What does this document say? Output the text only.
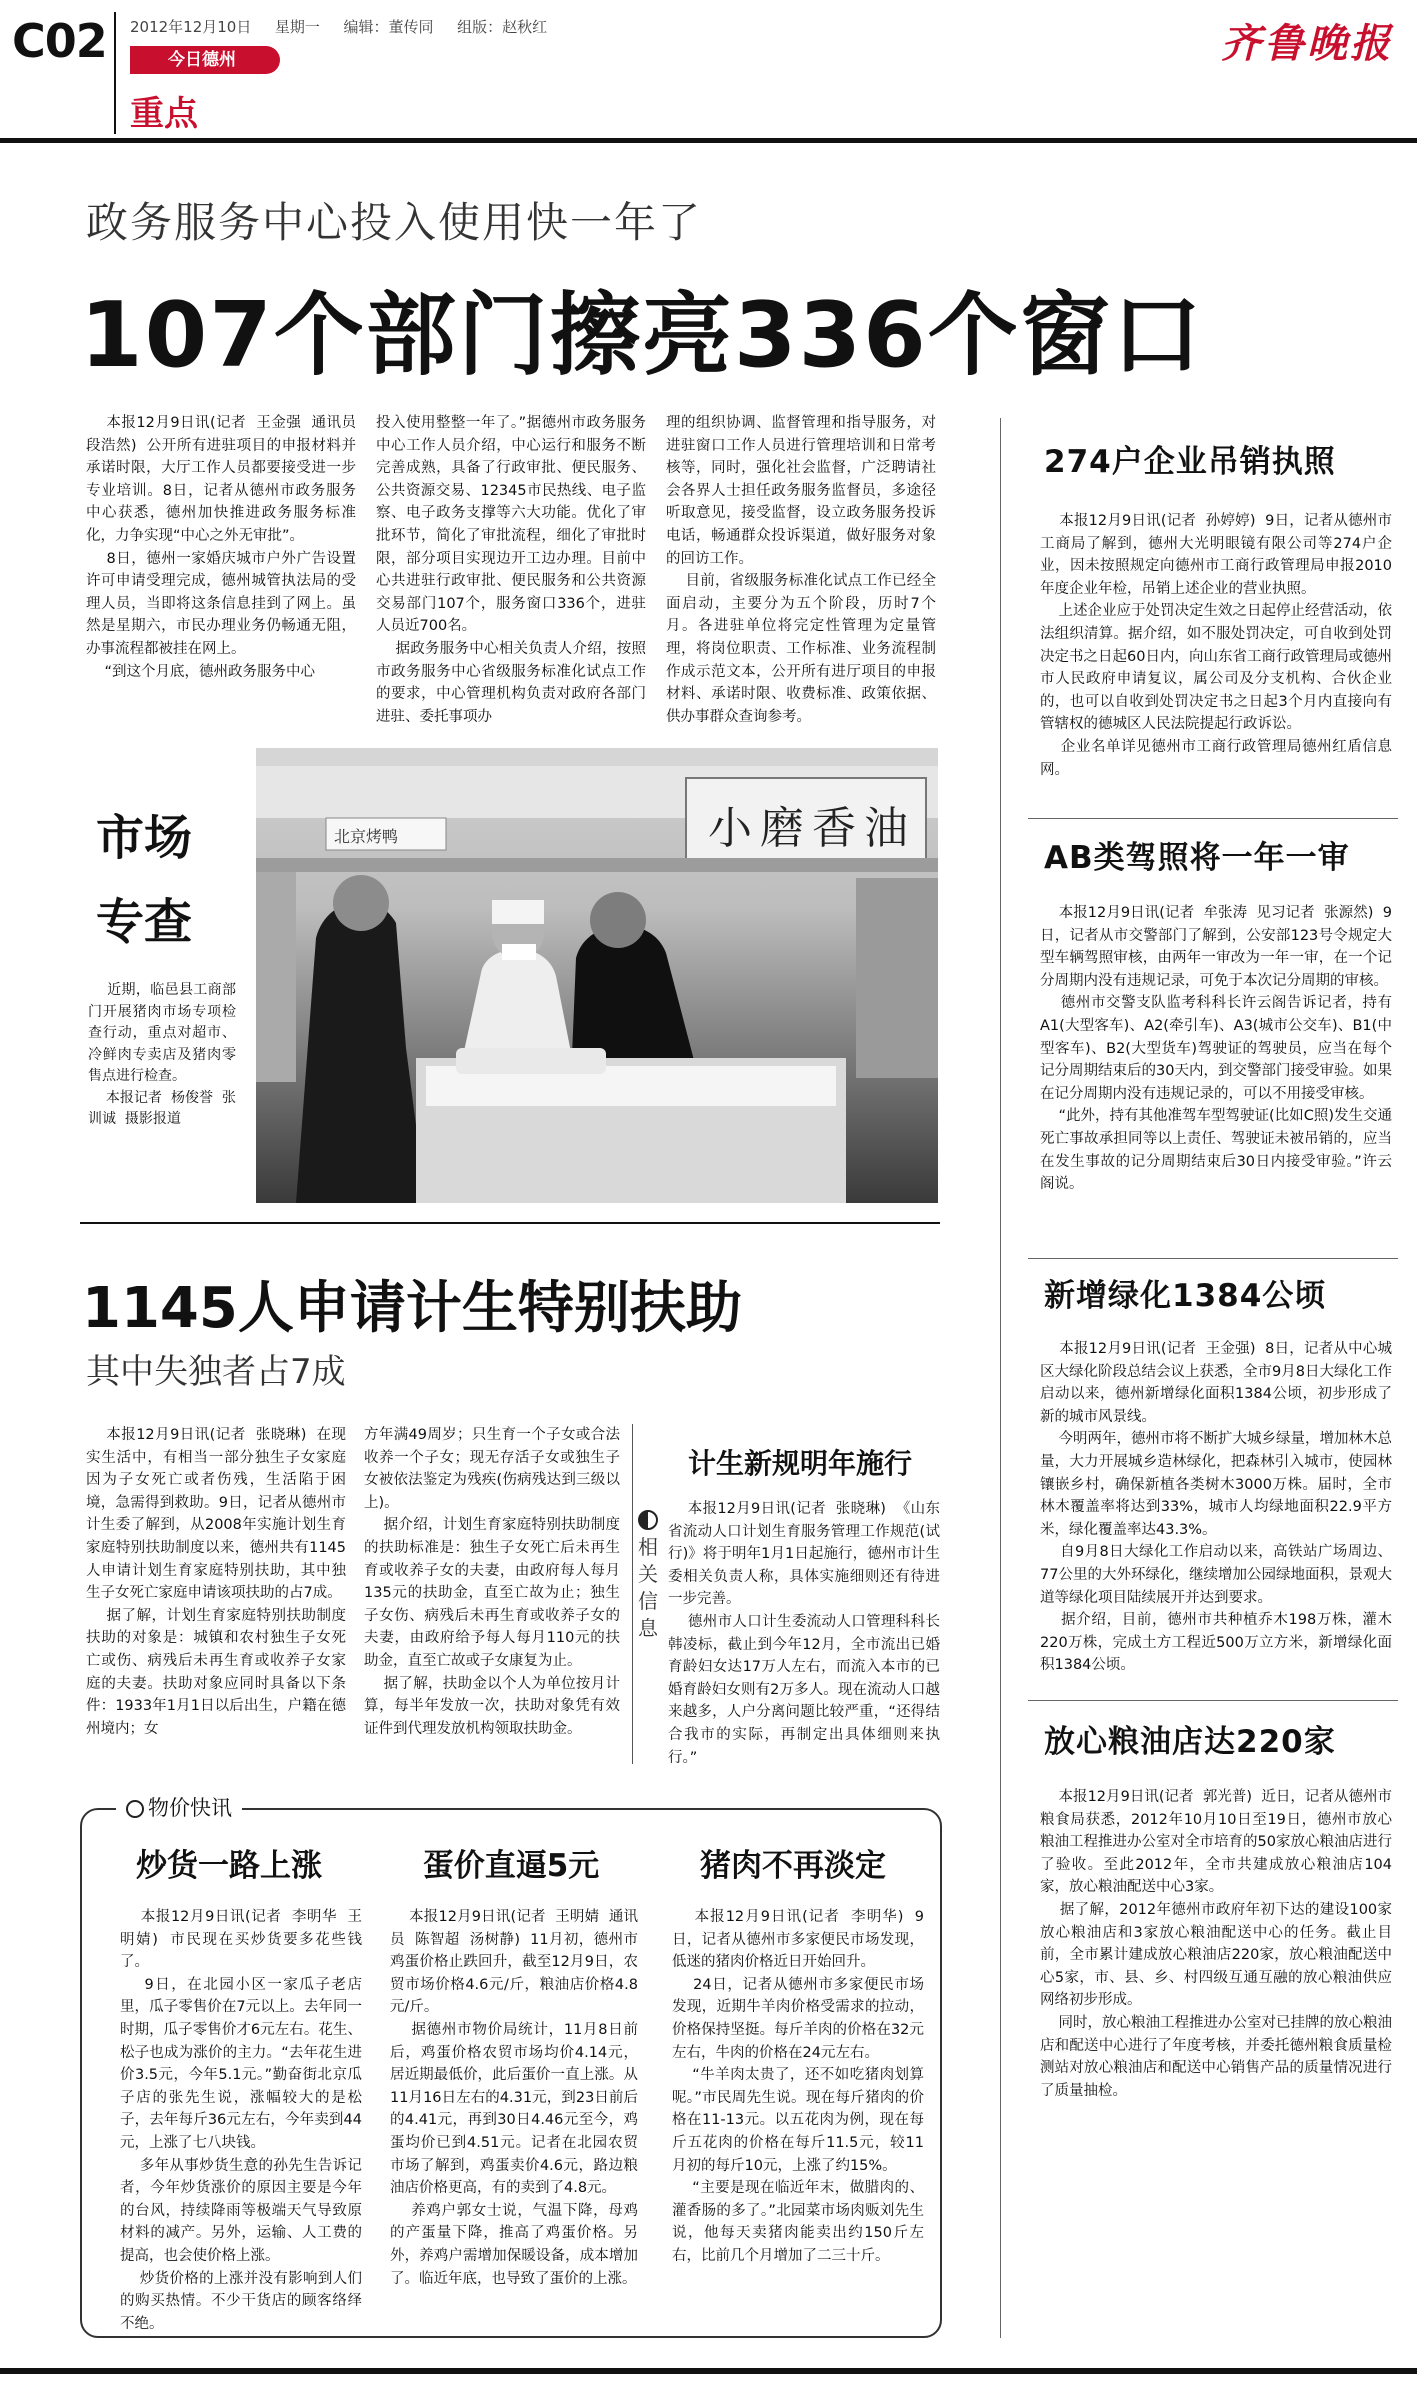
C02 2012年12月10日 星期一 编辑：董传同 组版：赵秋红
今日德州
重点
齐鲁晚报
政务服务中心投入使用快一年了
107个部门擦亮336个窗口
本报12月9日讯(记者  王金强  通讯员  段浩然)  公开所有进驻项目的申报材料并承诺时限，大厅工作人员都要接受进一步专业培训。8日，记者从德州市政务服务中心获悉，德州加快推进政务服务标准化，力争实现“中心之外无审批”。
8日，德州一家婚庆城市户外广告设置许可申请受理完成，德州城管执法局的受理人员，当即将这条信息挂到了网上。虽然是星期六，市民办理业务仍畅通无阻，办事流程都被挂在网上。
“到这个月底，德州政务服务中心
投入使用整整一年了。”据德州市政务服务中心工作人员介绍，中心运行和服务不断完善成熟，具备了行政审批、便民服务、公共资源交易、12345市民热线、电子监察、电子政务支撑等六大功能。优化了审批环节，简化了审批流程，细化了审批时限，部分项目实现边开工边办理。目前中心共进驻行政审批、便民服务和公共资源交易部门107个，服务窗口336个，进驻人员近700名。
据政务服务中心相关负责人介绍，按照市政务服务中心省级服务标准化试点工作的要求，中心管理机构负责对政府各部门进驻、委托事项办
理的组织协调、监督管理和指导服务，对进驻窗口工作人员进行管理培训和日常考核等，同时，强化社会监督，广泛聘请社会各界人士担任政务服务监督员，多途径听取意见，接受监督，设立政务服务投诉电话，畅通群众投诉渠道，做好服务对象的回访工作。
目前，省级服务标准化试点工作已经全面启动，主要分为五个阶段，历时7个月。各进驻单位将完定性管理为定量管理，将岗位职责、工作标准、业务流程制作成示范文本，公开所有进厅项目的申报材料、承诺时限、收费标准、政策依据、供办事群众查询参考。
市场
专查
近期，临邑县工商部门开展猪肉市场专项检查行动，重点对超市、冷鲜肉专卖店及猪肉零售点进行检查。
本报记者  杨俊誉  张训诚  摄影报道
小磨香油
北京烤鸭
1145人申请计生特别扶助
其中失独者占7成
本报12月9日讯(记者  张晓琳)  在现实生活中，有相当一部分独生子女家庭因为子女死亡或者伤残，生活陷于困境，急需得到救助。9日，记者从德州市计生委了解到，从2008年实施计划生育家庭特别扶助制度以来，德州共有1145人申请计划生育家庭特别扶助，其中独生子女死亡家庭申请该项扶助的占7成。
据了解，计划生育家庭特别扶助制度扶助的对象是：城镇和农村独生子女死亡或伤、病残后未再生育或收养子女家庭的夫妻。扶助对象应同时具备以下条件：1933年1月1日以后出生，户籍在德州境内；女
方年满49周岁；只生育一个子女或合法收养一个子女；现无存活子女或独生子女被依法鉴定为残疾(伤病残达到三级以上)。
据介绍，计划生育家庭特别扶助制度的扶助标准是：独生子女死亡后未再生育或收养子女的夫妻，由政府每人每月135元的扶助金，直至亡故为止；独生子女伤、病残后未再生育或收养子女的夫妻，由政府给予每人每月110元的扶助金，直至亡故或子女康复为止。
据了解，扶助金以个人为单位按月计算，每半年发放一次，扶助对象凭有效证件到代理发放机构领取扶助金。
相关信息
计生新规明年施行
本报12月9日讯(记者  张晓琳)  《山东省流动人口计划生育服务管理工作规范(试行)》将于明年1月1日起施行，德州市计生委相关负责人称，具体实施细则还有待进一步完善。
德州市人口计生委流动人口管理科科长韩凌标，截止到今年12月，全市流出已婚育龄妇女达17万人左右，而流入本市的已婚育龄妇女则有2万多人。现在流动人口越来越多，人户分离问题比较严重，“还得结合我市的实际，再制定出具体细则来执行。”
物价快讯
炒货一路上涨
本报12月9日讯(记者  李明华  王明婧)  市民现在买炒货要多花些钱了。
9日，在北园小区一家瓜子老店里，瓜子零售价在7元以上。去年同一时期，瓜子零售价才6元左右。花生、松子也成为涨价的主力。“去年花生进价3.5元，今年5.1元。”勤奋街北京瓜子店的张先生说，涨幅较大的是松子，去年每斤36元左右，今年卖到44元，上涨了七八块钱。
多年从事炒货生意的孙先生告诉记者，今年炒货涨价的原因主要是今年的台风，持续降雨等极端天气导致原材料的减产。另外，运输、人工费的提高，也会使价格上涨。
炒货价格的上涨并没有影响到人们的购买热情。不少干货店的顾客络绎不绝。
蛋价直逼5元
本报12月9日讯(记者  王明婧  通讯员  陈智超  汤树静)  11月初，德州市鸡蛋价格止跌回升，截至12月9日，农贸市场价格4.6元/斤，粮油店价格4.8元/斤。
据德州市物价局统计，11月8日前后，鸡蛋价格农贸市场均价4.14元，居近期最低价，此后蛋价一直上涨。从11月16日左右的4.31元，到23日前后的4.41元，再到30日4.46元至今，鸡蛋均价已到4.51元。记者在北园农贸市场了解到，鸡蛋卖价4.6元，路边粮油店价格更高，有的卖到了4.8元。
养鸡户郭女士说，气温下降，母鸡的产蛋量下降，推高了鸡蛋价格。另外，养鸡户需增加保暖设备，成本增加了。临近年底，也导致了蛋价的上涨。
猪肉不再淡定
本报12月9日讯(记者  李明华)  9日，记者从德州市多家便民市场发现，低迷的猪肉价格近日开始回升。
24日，记者从德州市多家便民市场发现，近期牛羊肉价格受需求的拉动，价格保持坚挺。每斤羊肉的价格在32元左右，牛肉的价格在24元左右。
“牛羊肉太贵了，还不如吃猪肉划算呢。”市民周先生说。现在每斤猪肉的价格在11-13元。以五花肉为例，现在每斤五花肉的价格在每斤11.5元，较11月初的每斤10元，上涨了约15%。
“主要是现在临近年末，做腊肉的、灌香肠的多了。”北园菜市场肉贩刘先生说，他每天卖猪肉能卖出约150斤左右，比前几个月增加了二三十斤。
274户企业吊销执照
本报12月9日讯(记者  孙婷婷)  9日，记者从德州市工商局了解到，德州大光明眼镜有限公司等274户企业，因未按照规定向德州市工商行政管理局申报2010年度企业年检，吊销上述企业的营业执照。
上述企业应于处罚决定生效之日起停止经营活动，依法组织清算。据介绍，如不服处罚决定，可自收到处罚决定书之日起60日内，向山东省工商行政管理局或德州市人民政府申请复议，属公司及分支机构、合伙企业的，也可以自收到处罚决定书之日起3个月内直接向有管辖权的德城区人民法院提起行政诉讼。
企业名单详见德州市工商行政管理局德州红盾信息网。
AB类驾照将一年一审
本报12月9日讯(记者  牟张涛  见习记者  张源然)  9日，记者从市交警部门了解到，公安部123号令规定大型车辆驾照审核，由两年一审改为一年一审，在一个记分周期内没有违规记录，可免于本次记分周期的审核。
德州市交警支队监考科科长许云阁告诉记者，持有A1(大型客车)、A2(牵引车)、A3(城市公交车)、B1(中型客车)、B2(大型货车)驾驶证的驾驶员，应当在每个记分周期结束后的30天内，到交警部门接受审验。如果在记分周期内没有违规记录的，可以不用接受审核。
“此外，持有其他准驾车型驾驶证(比如C照)发生交通死亡事故承担同等以上责任、驾驶证未被吊销的，应当在发生事故的记分周期结束后30日内接受审验。”许云阁说。
新增绿化1384公顷
本报12月9日讯(记者  王金强)  8日，记者从中心城区大绿化阶段总结会议上获悉，全市9月8日大绿化工作启动以来，德州新增绿化面积1384公顷，初步形成了新的城市风景线。
今明两年，德州市将不断扩大城乡绿量，增加林木总量，大力开展城乡造林绿化，把森林引入城市，使园林镶嵌乡村，确保新植各类树木3000万株。届时，全市林木覆盖率将达到33%，城市人均绿地面积22.9平方米，绿化覆盖率达43.3%。
自9月8日大绿化工作启动以来，高铁站广场周边、77公里的大外环绿化，继续增加公园绿地面积，景观大道等绿化项目陆续展开并达到要求。
据介绍，目前，德州市共种植乔木198万株，灌木220万株，完成土方工程近500万立方米，新增绿化面积1384公顷。
放心粮油店达220家
本报12月9日讯(记者  郭光普)  近日，记者从德州市粮食局获悉，2012年10月10日至19日，德州市放心粮油工程推进办公室对全市培育的50家放心粮油店进行了验收。至此2012年，全市共建成放心粮油店104家，放心粮油配送中心3家。
据了解，2012年德州市政府年初下达的建设100家放心粮油店和3家放心粮油配送中心的任务。截止目前，全市累计建成放心粮油店220家，放心粮油配送中心5家，市、县、乡、村四级互通互融的放心粮油供应网络初步形成。
同时，放心粮油工程推进办公室对已挂牌的放心粮油店和配送中心进行了年度考核，并委托德州粮食质量检测站对放心粮油店和配送中心销售产品的质量情况进行了质量抽检。
